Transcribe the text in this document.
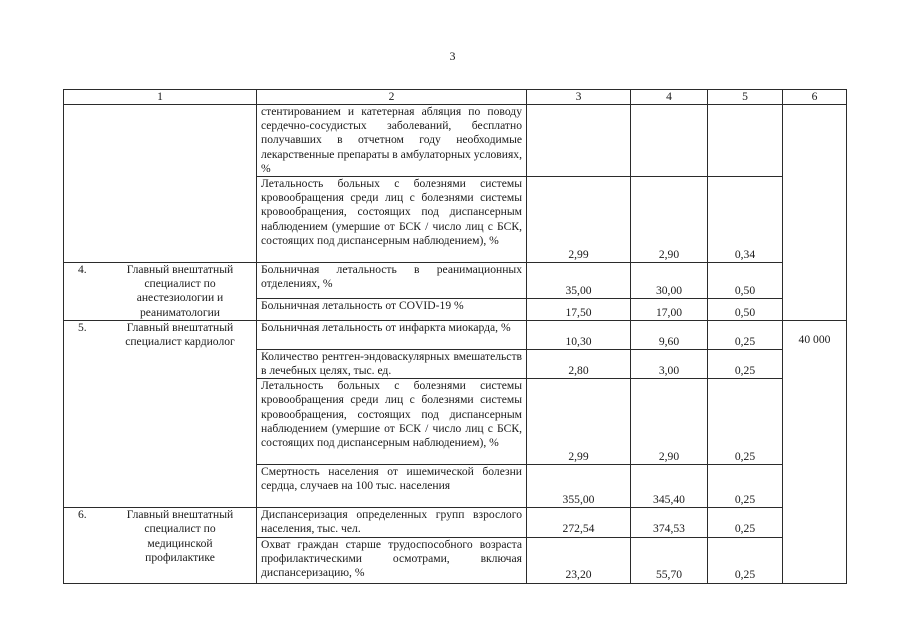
3
1	2	3	4	5	6
	стентированием и катетерная абляция по поводу сердечно-сосудистых заболеваний, бесплатно получавших в отчетном году необходимые лекарственные препараты в амбулаторных условиях, %				
	Летальность больных с болезнями системы кровообращения среди лиц с болезнями системы кровообращения, состоящих под диспансерным наблюдением (умершие от БСК / число лиц с БСК, состоящих под диспансерным наблюдением), %	2,99	2,90	0,34	

4. Главный внештатный специалист по анестезиологии и реаниматологии	Больничная летальность в реанимационных отделениях, %	35,00	30,00	0,50	
	Больничная летальность от COVID-19 %	17,50	17,00	0,50	

5. Главный внештатный специалист кардиолог	Больничная летальность от инфаркта миокарда, %	10,30	9,60	0,25	40 000
	Количество рентген-эндоваскулярных вмешательств в лечебных целях, тыс. ед.	2,80	3,00	0,25	
	Летальность больных с болезнями системы кровообращения среди лиц с болезнями системы кровообращения, состоящих под диспансерным наблюдением (умершие от БСК / число лиц с БСК, состоящих под диспансерным наблюдением), %	2,99	2,90	0,25	
	Смертность населения от ишемической болезни сердца, случаев на 100 тыс. населения	355,00	345,40	0,25	

6. Главный внештатный специалист по медицинской профилактике	Диспансеризация определенных групп взрослого населения, тыс. чел.	272,54	374,53	0,25	
	Охват граждан старше трудоспособного возраста профилактическими осмотрами, включая диспансеризацию, %	23,20	55,70	0,25	
